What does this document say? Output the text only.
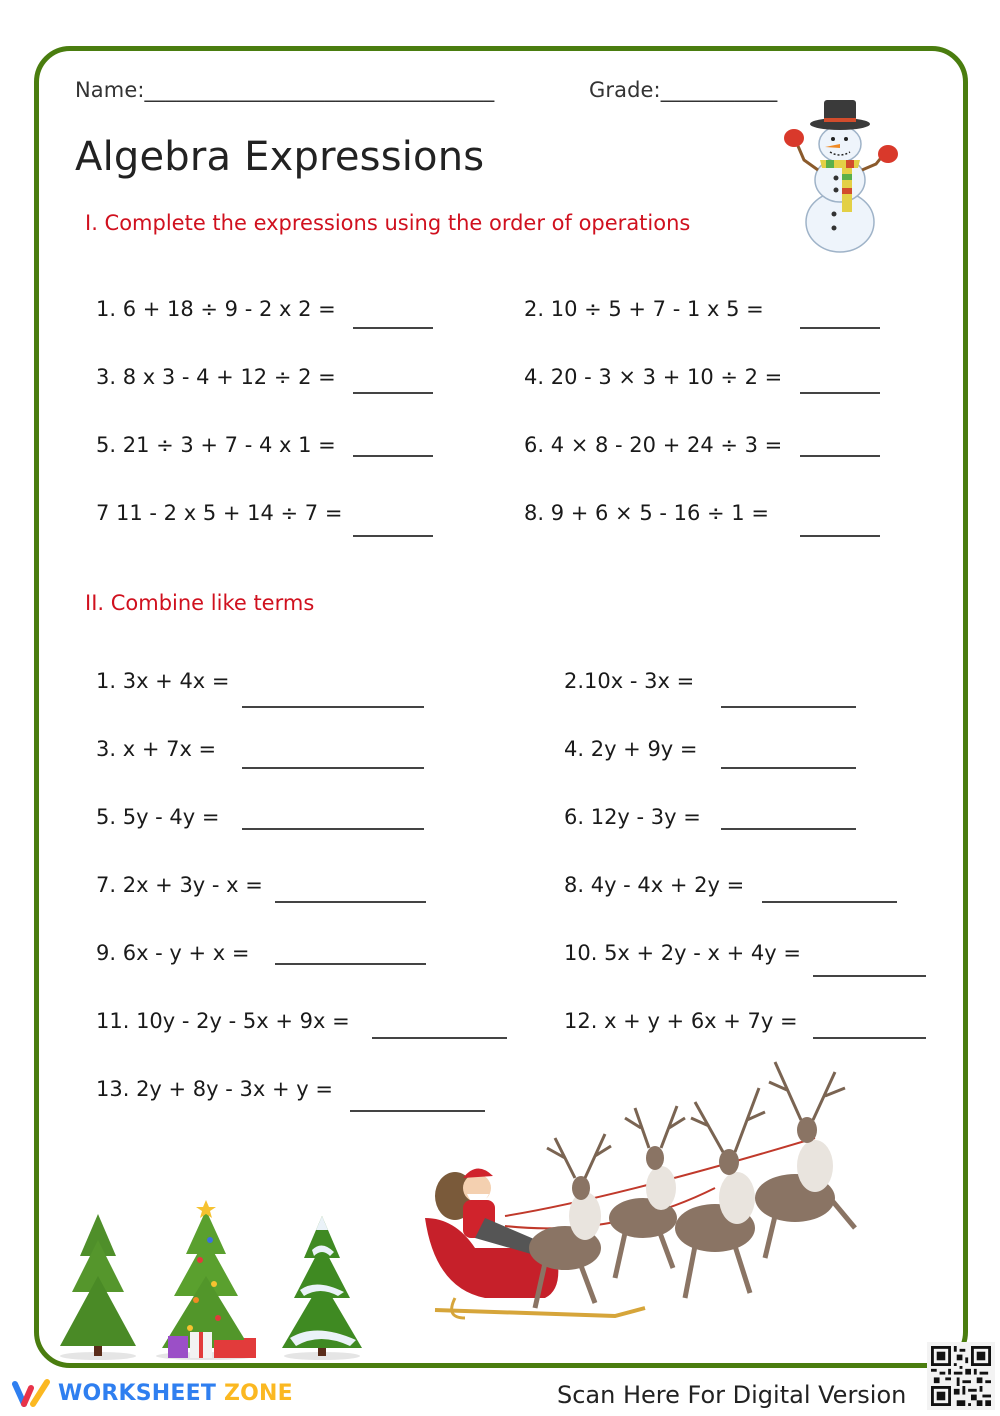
Name:_________________________________	Grade:___________
Algebra Expressions
I. Complete the expressions using the order of operations
1. 6 + 18 ÷ 9 - 2 x 2 =	2. 10 ÷ 5 + 7 - 1 x 5 =
3. 8 x 3 - 4 + 12 ÷ 2 =	4. 20 - 3 × 3 + 10 ÷ 2 =
5. 21 ÷ 3 + 7 - 4 x 1 =	6. 4 × 8 - 20 + 24 ÷ 3 =
7 11 - 2 x 5 + 14 ÷ 7 =	8. 9 + 6 × 5 - 16 ÷ 1 =
II. Combine like terms
1. 3x + 4x =	2.10x - 3x =
3. x + 7x =	4. 2y + 9y =
5. 5y - 4y =	6. 12y - 3y =
7. 2x + 3y - x =	8. 4y - 4x + 2y =
9. 6x - y + x =	10. 5x + 2y - x + 4y =
11. 10y - 2y - 5x + 9x =	12. x + y + 6x + 7y =
13. 2y + 8y - 3x + y =
WORKSHEET ZONE	Scan Here For Digital Version
